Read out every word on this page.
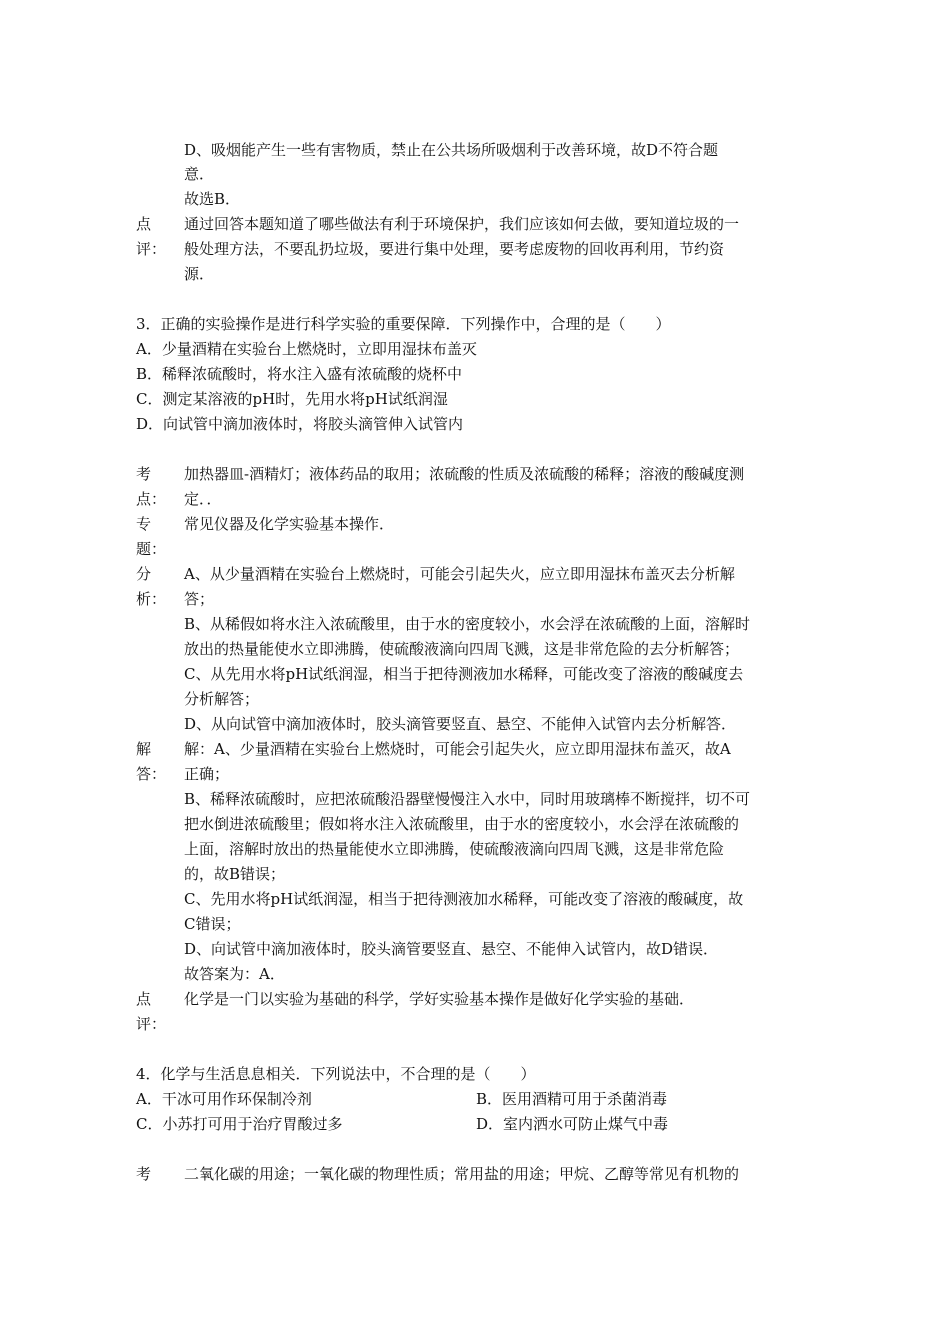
D、吸烟能产生一些有害物质，禁止在公共场所吸烟利于改善环境，故D不符合题
意．
故选B．
点
评：
通过回答本题知道了哪些做法有利于环境保护，我们应该如何去做，要知道垃圾的一
般处理方法，不要乱扔垃圾，要进行集中处理，要考虑废物的回收再利用，节约资
源．
3．正确的实验操作是进行科学实验的重要保障．下列操作中，合理的是（　　）
A．少量酒精在实验台上燃烧时，立即用湿抹布盖灭
B．稀释浓硫酸时，将水注入盛有浓硫酸的烧杯中
C．测定某溶液的pH时，先用水将pH试纸润湿
D．向试管中滴加液体时，将胶头滴管伸入试管内
考
点：
加热器皿-酒精灯；液体药品的取用；浓硫酸的性质及浓硫酸的稀释；溶液的酸碱度测
定．．
专
题：
常见仪器及化学实验基本操作．
分
析：
A、从少量酒精在实验台上燃烧时，可能会引起失火，应立即用湿抹布盖灭去分析解
答；
B、从稀假如将水注入浓硫酸里，由于水的密度较小，水会浮在浓硫酸的上面，溶解时
放出的热量能使水立即沸腾，使硫酸液滴向四周飞溅，这是非常危险的去分析解答；
C、从先用水将pH试纸润湿，相当于把待测液加水稀释，可能改变了溶液的酸碱度去
分析解答；
D、从向试管中滴加液体时，胶头滴管要竖直、悬空、不能伸入试管内去分析解答．
解
答：
解：A、少量酒精在实验台上燃烧时，可能会引起失火，应立即用湿抹布盖灭，故A
正确；
B、稀释浓硫酸时，应把浓硫酸沿器壁慢慢注入水中，同时用玻璃棒不断搅拌，切不可
把水倒进浓硫酸里；假如将水注入浓硫酸里，由于水的密度较小，水会浮在浓硫酸的
上面，溶解时放出的热量能使水立即沸腾，使硫酸液滴向四周飞溅，这是非常危险
的，故B错误；
C、先用水将pH试纸润湿，相当于把待测液加水稀释，可能改变了溶液的酸碱度，故
C错误；
D、向试管中滴加液体时，胶头滴管要竖直、悬空、不能伸入试管内，故D错误．
故答案为：A．
点
评：
化学是一门以实验为基础的科学，学好实验基本操作是做好化学实验的基础．
4．化学与生活息息相关．下列说法中，不合理的是（　　）
A．干冰可用作环保制冷剂	B．医用酒精可用于杀菌消毒
C．小苏打可用于治疗胃酸过多	D．室内洒水可防止煤气中毒
考 二氧化碳的用途；一氧化碳的物理性质；常用盐的用途；甲烷、乙醇等常见有机物的
